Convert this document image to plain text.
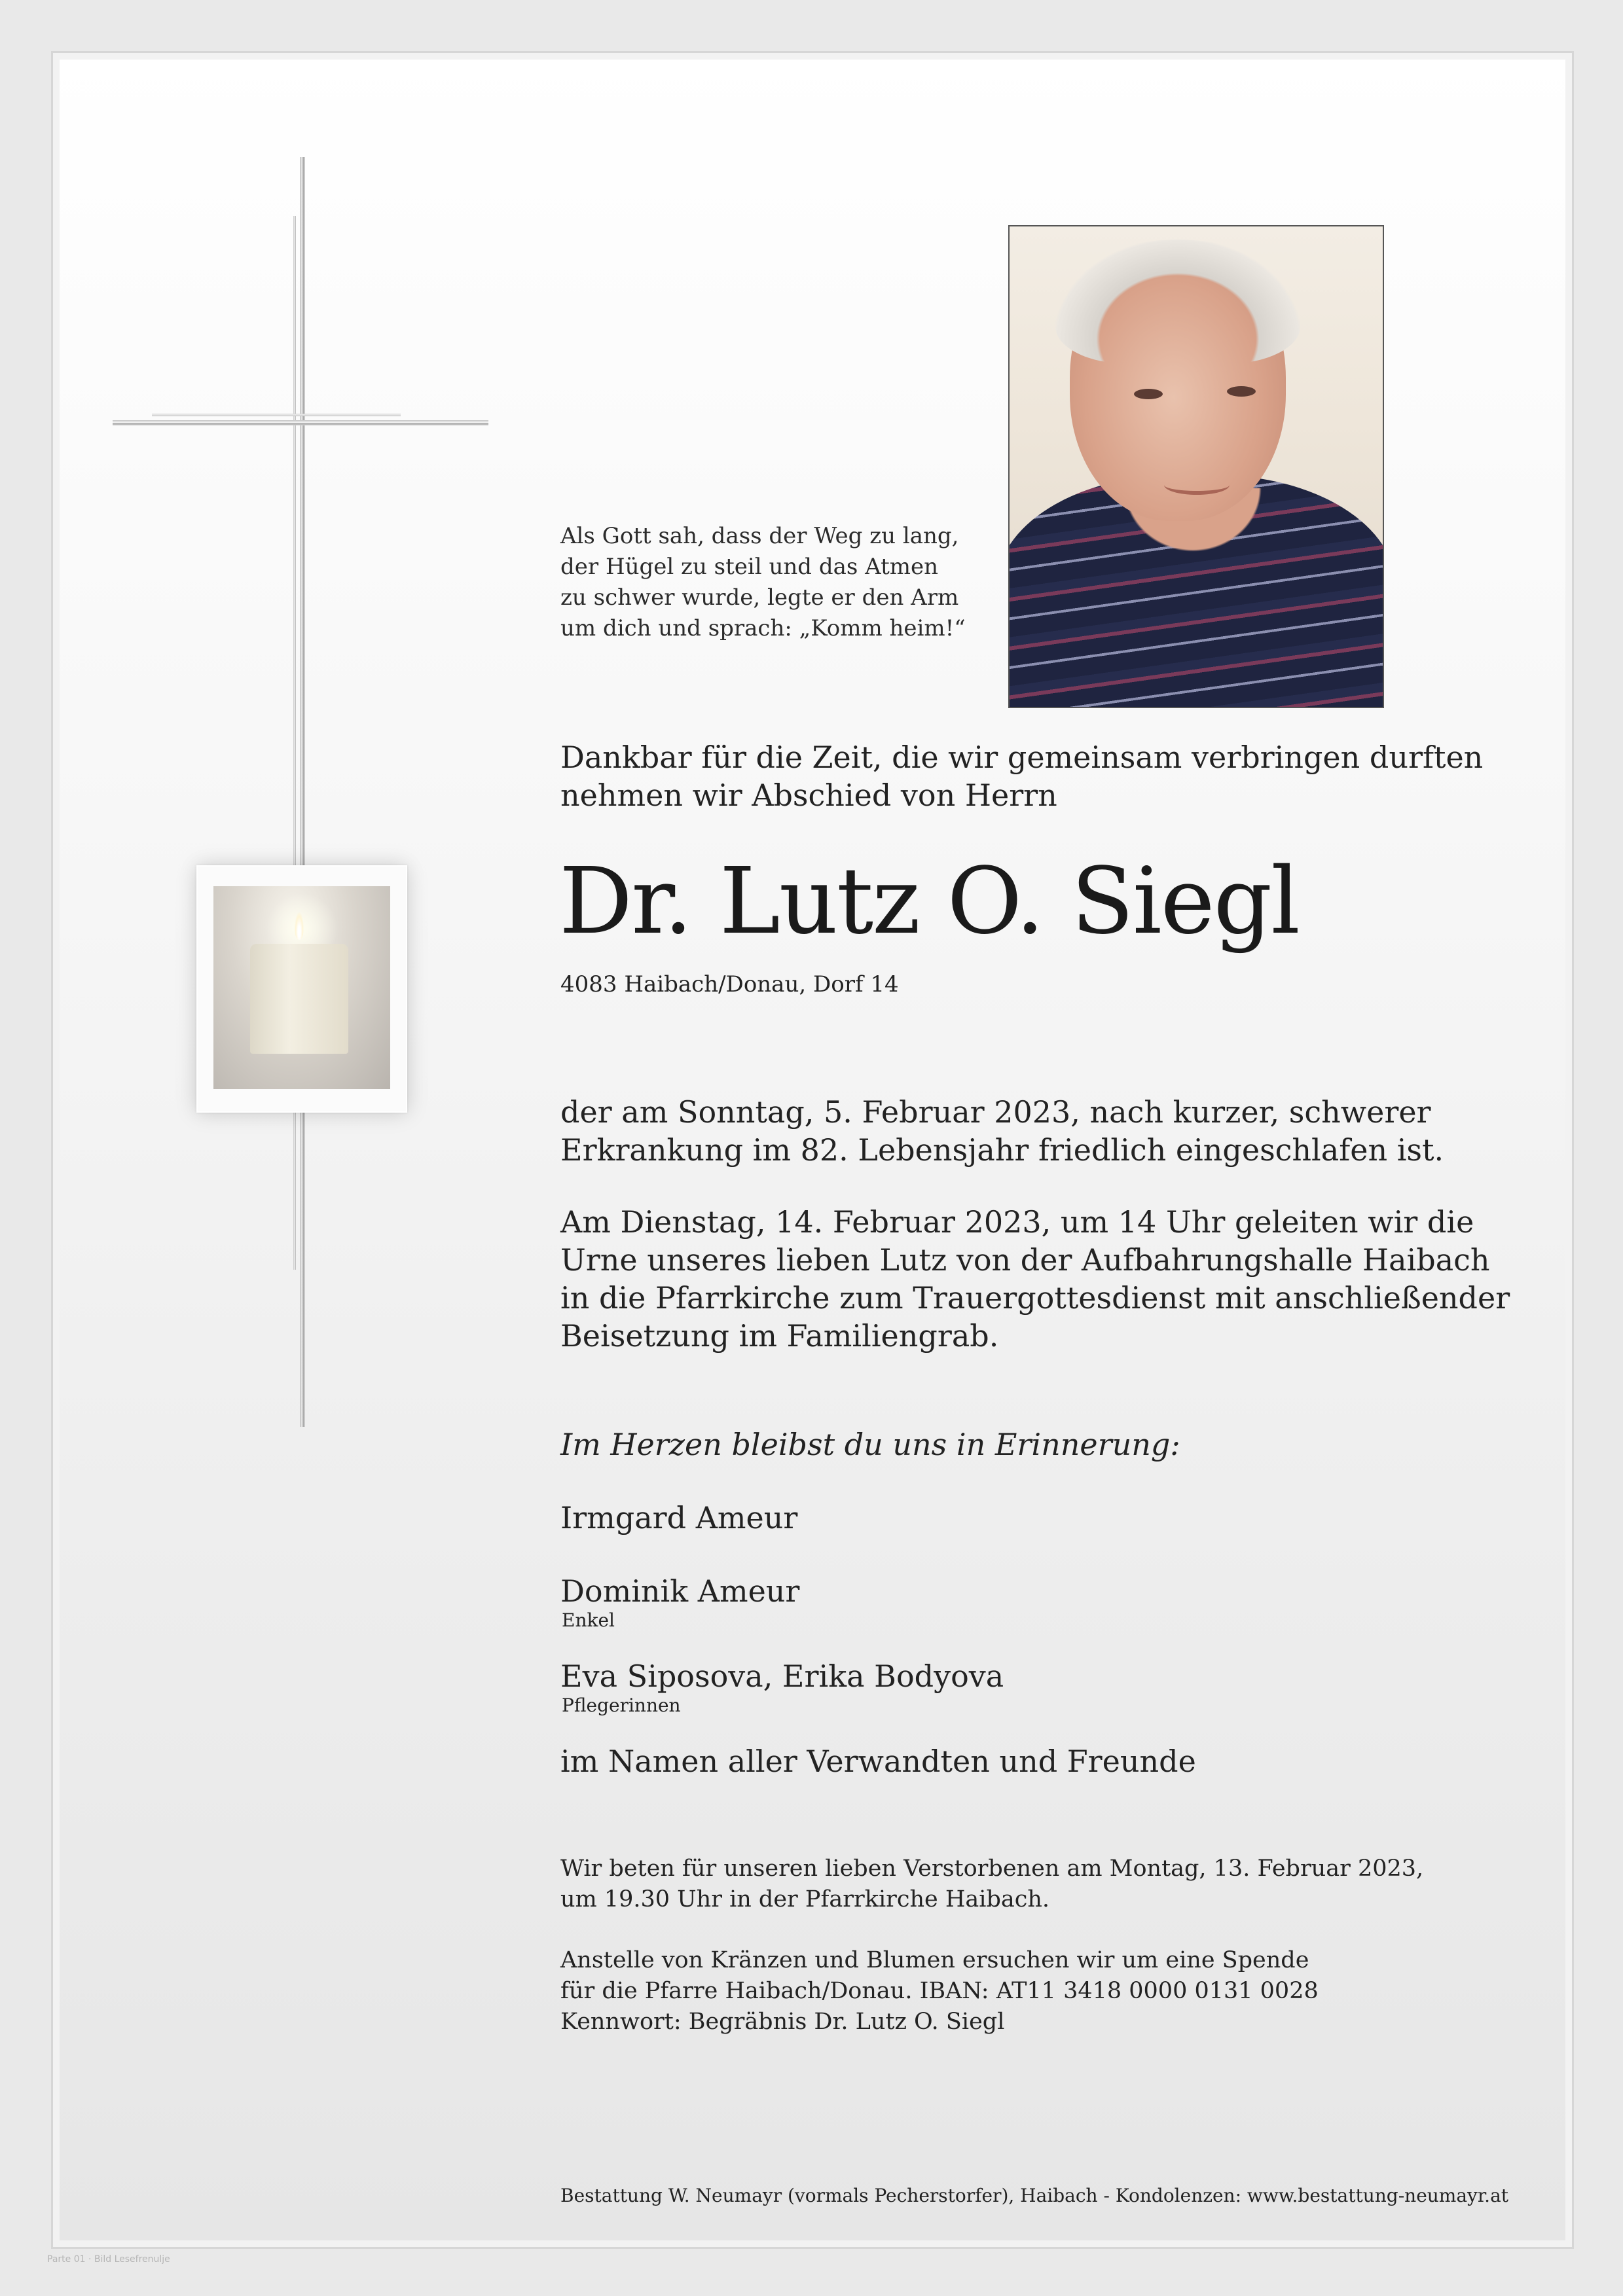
Als Gott sah, dass der Weg zu lang,
der Hügel zu steil und das Atmen
zu schwer wurde, legte er den Arm
um dich und sprach: „Komm heim!“
Dankbar für die Zeit, die wir gemeinsam verbringen durften
nehmen wir Abschied von Herrn
Dr. Lutz O. Siegl
4083 Haibach/Donau, Dorf 14
der am Sonntag, 5. Februar 2023, nach kurzer, schwerer
Erkrankung im 82. Lebensjahr friedlich eingeschlafen ist.
Am Dienstag, 14. Februar 2023, um 14 Uhr geleiten wir die
Urne unseres lieben Lutz von der Aufbahrungshalle Haibach
in die Pfarrkirche zum Trauergottesdienst mit anschließender
Beisetzung im Familiengrab.
Im Herzen bleibst du uns in Erinnerung:
Irmgard Ameur
Dominik Ameur
Enkel
Eva Siposova, Erika Bodyova
Pflegerinnen
im Namen aller Verwandten und Freunde
Wir beten für unseren lieben Verstorbenen am Montag, 13. Februar 2023,
um 19.30 Uhr in der Pfarrkirche Haibach.
Anstelle von Kränzen und Blumen ersuchen wir um eine Spende
für die Pfarre Haibach/Donau. IBAN: AT11 3418 0000 0131 0028
Kennwort: Begräbnis Dr. Lutz O. Siegl
Bestattung W. Neumayr (vormals Pecherstorfer), Haibach - Kondolenzen: www.bestattung-neumayr.at
Parte 01 · Bild Lesefrenulje
